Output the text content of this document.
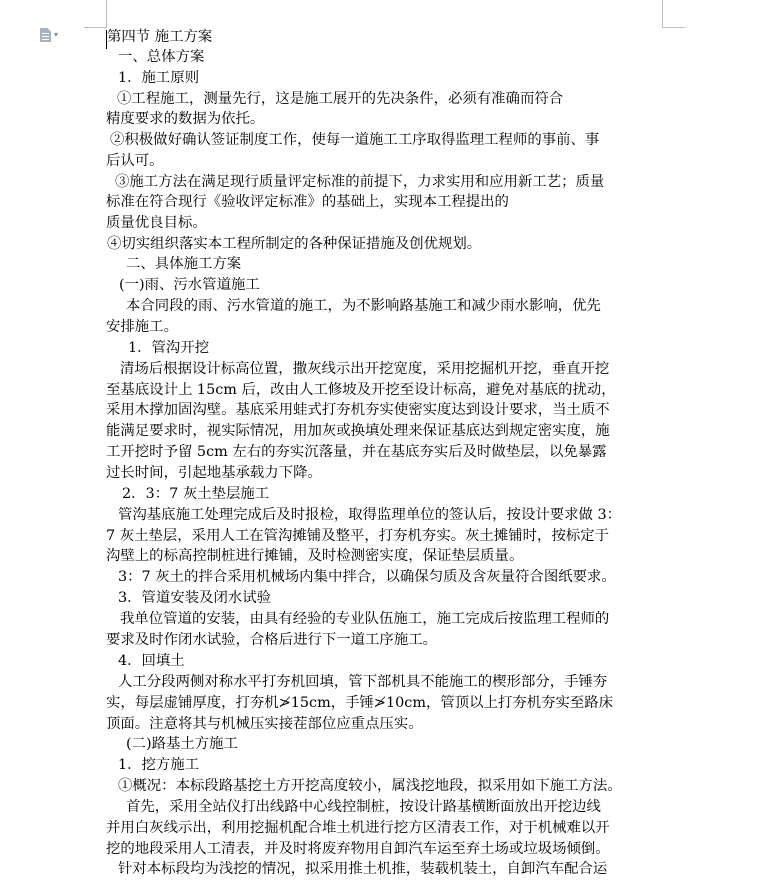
▾	第四节 施工方案
一、总体方案
1．施工原则
①工程施工，测量先行，这是施工展开的先决条件，必须有准确而符合
精度要求的数据为依托。
②积极做好确认签证制度工作，使每一道施工工序取得监理工程师的事前、事
后认可。
③施工方法在满足现行质量评定标准的前提下，力求实用和应用新工艺；质量
标准在符合现行《验收评定标准》的基础上，实现本工程提出的
质量优良目标。
④切实组织落实本工程所制定的各种保证措施及创优规划。
二、具体施工方案
(一)雨、污水管道施工
本合同段的雨、污水管道的施工，为不影响路基施工和减少雨水影响，优先
安排施工。
1．管沟开挖
清场后根据设计标高位置，撒灰线示出开挖宽度，采用挖掘机开挖，垂直开挖
至基底设计上 15cm 后，改由人工修坡及开挖至设计标高，避免对基底的扰动，
采用木撑加固沟壁。基底采用蛙式打夯机夯实使密实度达到设计要求，当土质不
能满足要求时，视实际情况，用加灰或换填处理来保证基底达到规定密实度，施
工开挖时予留 5cm 左右的夯实沉落量，并在基底夯实后及时做垫层，以免暴露
过长时间，引起地基承载力下降。
2．3：7 灰土垫层施工
管沟基底施工处理完成后及时报检，取得监理单位的签认后，按设计要求做 3：
7 灰土垫层，采用人工在管沟摊铺及整平，打夯机夯实。灰土摊铺时，按标定于
沟壁上的标高控制桩进行摊铺，及时检测密实度，保证垫层质量。
3：7 灰土的拌合采用机械场内集中拌合，以确保匀质及含灰量符合图纸要求。
3．管道安装及闭水试验
我单位管道的安装，由具有经验的专业队伍施工，施工完成后按监理工程师的
要求及时作闭水试验，合格后进行下一道工序施工。
4．回填土
人工分段两侧对称水平打夯机回填，管下部机具不能施工的楔形部分，手锤夯
实，每层虚铺厚度，打夯机≯15cm，手锤≯10cm，管顶以上打夯机夯实至路床
顶面。注意将其与机械压实接茬部位应重点压实。
(二)路基土方施工
1．挖方施工
①概况：本标段路基挖土方开挖高度较小，属浅挖地段，拟采用如下施工方法。
首先，采用全站仪打出线路中心线控制桩，按设计路基横断面放出开挖边线
并用白灰线示出，利用挖掘机配合堆土机进行挖方区清表工作，对于机械难以开
挖的地段采用人工清表，并及时将废弃物用自卸汽车运至弃土场或垃圾场倾倒。
针对本标段均为浅挖的情况，拟采用推土机推，装载机装土，自卸汽车配合运
